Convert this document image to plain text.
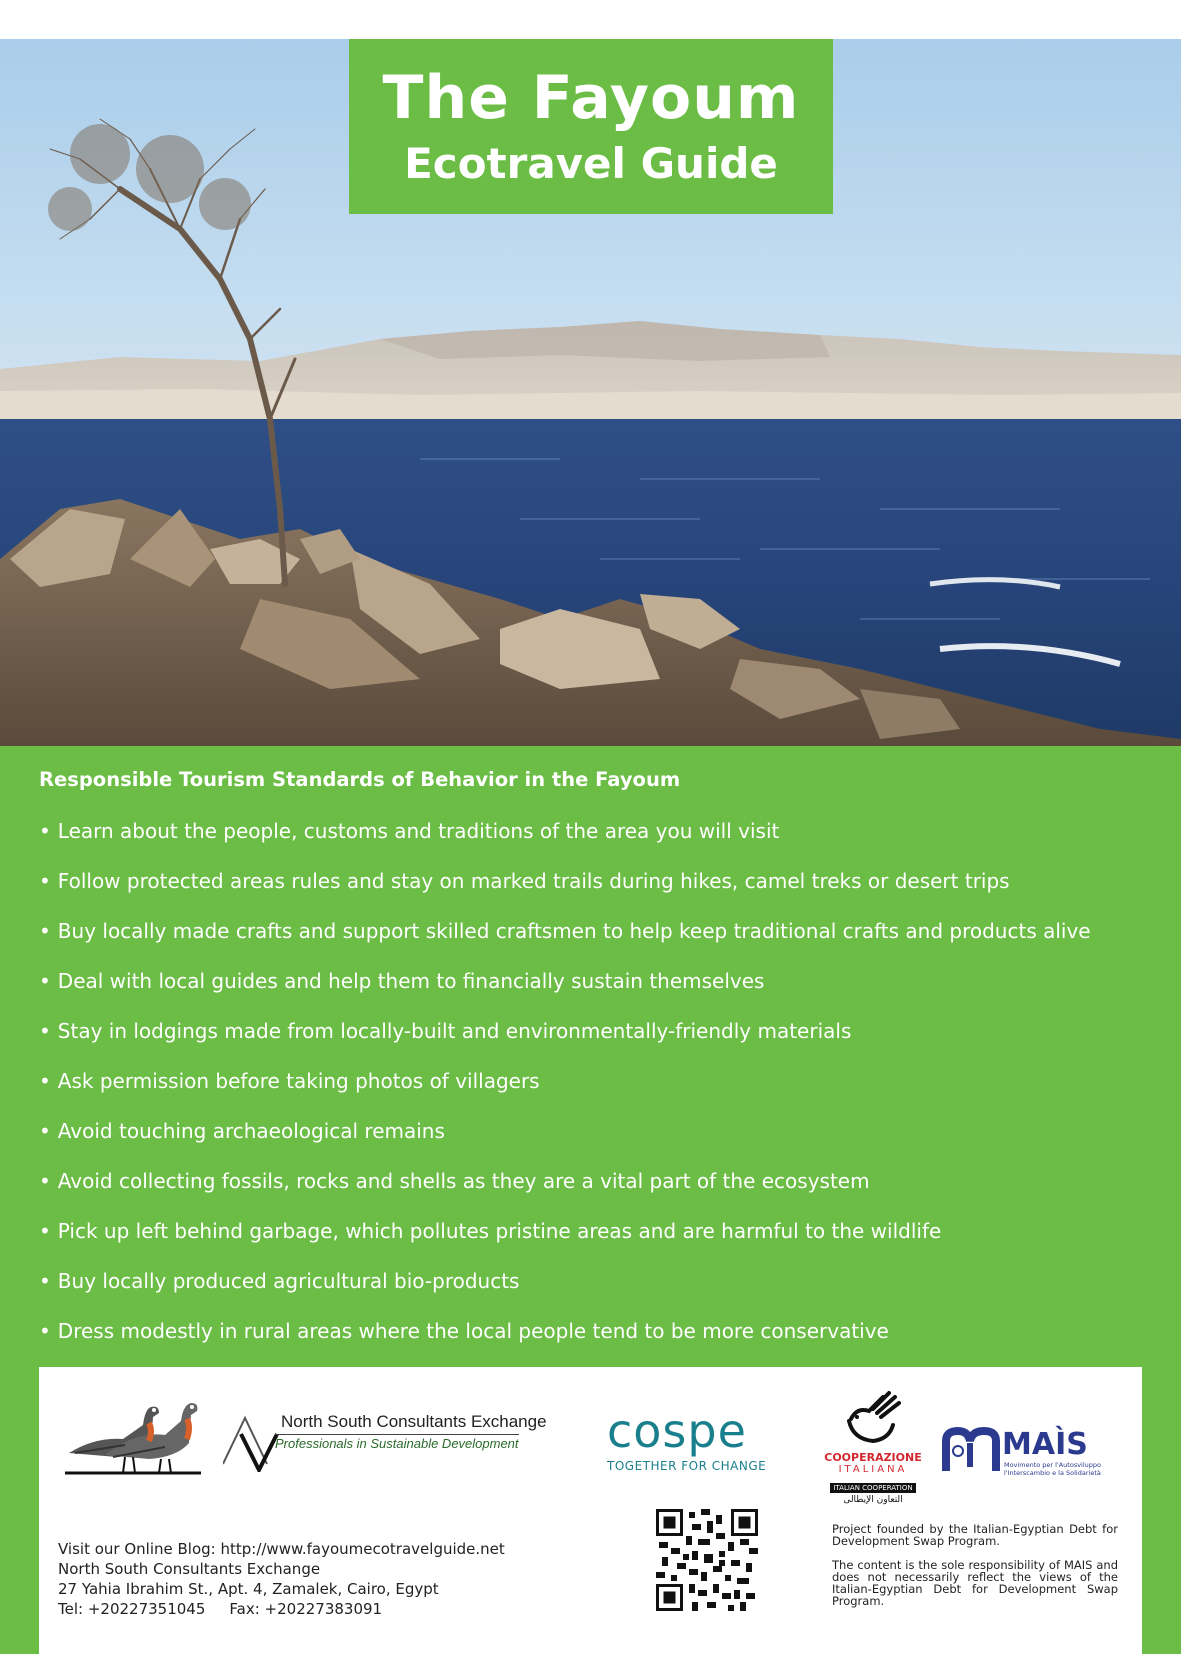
The Fayoum
Ecotravel Guide
Responsible Tourism Standards of Behavior in the Fayoum
• Learn about the people, customs and traditions of the area you will visit
• Follow protected areas rules and stay on marked trails during hikes, camel treks or desert trips
• Buy locally made crafts and support skilled craftsmen to help keep traditional crafts and products alive
• Deal with local guides and help them to financially sustain themselves
• Stay in lodgings made from locally-built and environmentally-friendly materials
• Ask permission before taking photos of villagers
• Avoid touching archaeological remains
• Avoid collecting fossils, rocks and shells as they are a vital part of the ecosystem
• Pick up left behind garbage, which pollutes pristine areas and are harmful to the wildlife
• Buy locally produced agricultural bio-products
• Dress modestly in rural areas where the local people tend to be more conservative
North South Consultants Exchange
Professionals in Sustainable Development cospe
TOGETHER FOR CHANGE
COOPERAZIONE
ITALIANA
ITALIAN COOPERATION
التعاون الإيطالى
MAÌS
Movimento per l'Autosviluppo l'Interscambio e la Solidarietà
Visit our Online Blog: http://www.fayoumecotravelguide.net
North South Consultants Exchange
27 Yahia Ibrahim St., Apt. 4, Zamalek, Cairo, Egypt
Tel: +20227351045 Fax: +20227383091

Project founded by the Italian-Egyptian Debt for Development Swap Program.

The content is the sole responsibility of MAIS and does not necessarily reflect the views of the Italian-Egyptian Debt for Development Swap Program.
